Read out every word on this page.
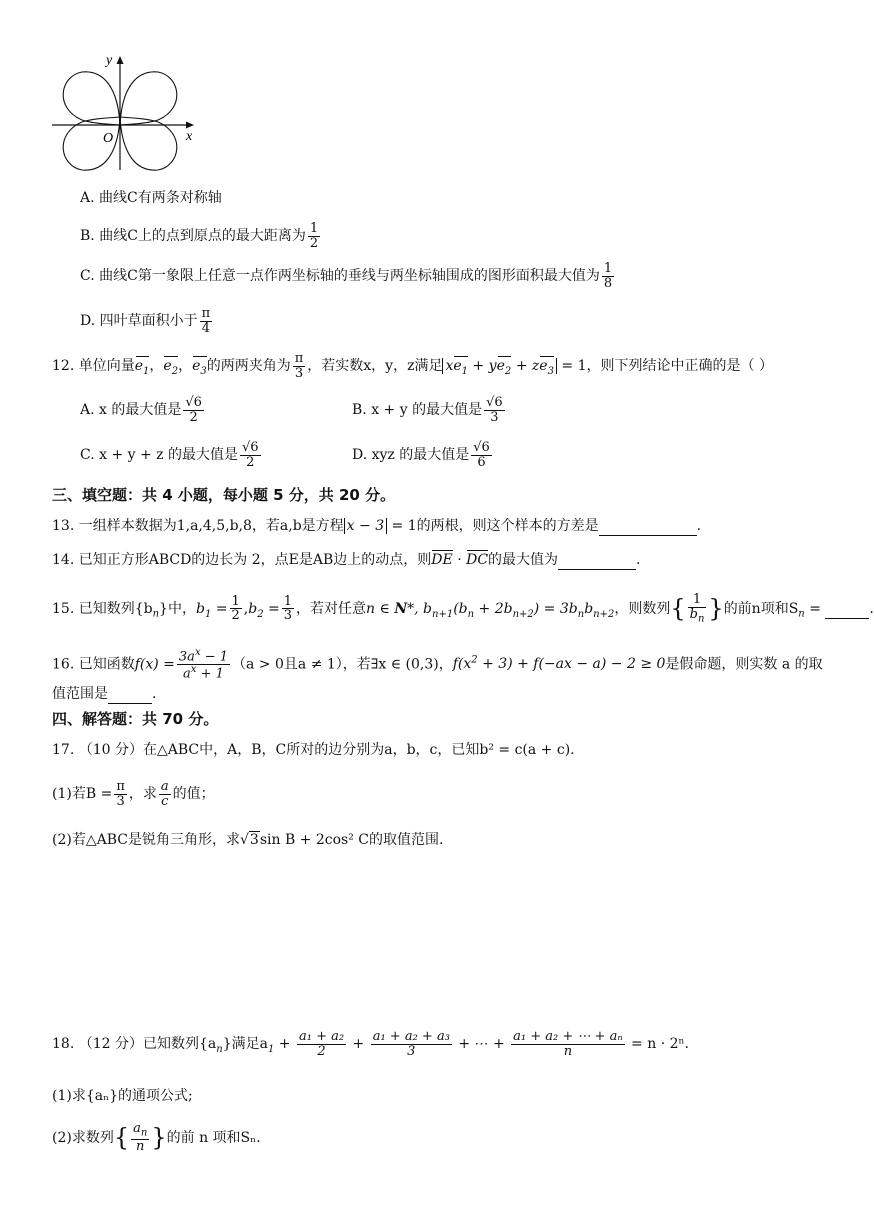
y
x
O
A. 曲线C有两条对称轴
B. 曲线C上的点到原点的最大距离为 $\frac{1}{2}$
C. 曲线C第一象限上任意一点作两坐标轴的垂线与两坐标轴围成的图形面积最大值为 $\frac{1}{8}$
D. 四叶草面积小于 $\frac{\pi}{4}$
12. 单位向量$e_1$，$e_2$，$e_3$的两两夹角为 $\frac{\pi}{3}$ ，若实数x，y，z满足 $xe_1 + ye_2 + ze_3 = 1$，则下列结论中正确的是（ ）
A. x 的最大值是 $\frac{√6}{2}$	B. x + y 的最大值是 $\frac{√6}{3}$
C. x + y + z 的最大值是 $\frac{√6}{2}$	D. xyz 的最大值是 $\frac{√6}{6}$
三、填空题：共 4 小题，每小题 5 分，共 20 分。
13. 一组样本数据为1,a,4,5,b,8，若a,b是方程 x − 3 = 1的两根，则这个样本的方差是	.
14. 已知正方形ABCD的边长为 2，点E是AB边上的动点，则DE · DC的最大值为	.
15. 已知数列$\{b_n\}$中，$b_1 = \frac{1}{2} ,b_2 = \frac{1}{3}$ ，若对任意n ∈ N*, $b_{n+1}(b_n + 2b_{n+2}) = 3b_nb_{n+2}$，则数列{ $\frac{1}{b_n}$ }的前n项和$S_n$ =	.
16. 已知函数$f(x) = \frac{3a^x - 1}{a^x + 1} (a > 0$且a ≠ 1），若∃x ∈ (0,3)，$f(x^2 + 3) + f(-ax - a) - 2 \ge 0$是假命题，则实数 a 的取
值范围是	.
四、解答题：共 70 分。
17. （10 分）在△ABC中，A，B，C所对的边分别为a，b，c，已知b² = c(a + c).
(1)若$B = \frac{\pi}{3}$ ，求 $\frac{a}{c}$ 的值；
(2)若△ABC是锐角三角形，求√3sin B + 2cos² C的取值范围.
18. （12 分）已知数列$\{a_n\}$满足$a_1 + \frac{\text{a₁ + a₂}}{2} + \frac{\text{a₁ + a₂ + a₃}}{3}$ + ⋯ + $\frac{\text{a₁ + a₂ + ⋯ + aₙ}}{n} = n \cdot 2^n$.
(1)求{aₙ}的通项公式;
(2)求数列{ $\frac{a_n}{n}$ }的前 n 项和Sₙ.
